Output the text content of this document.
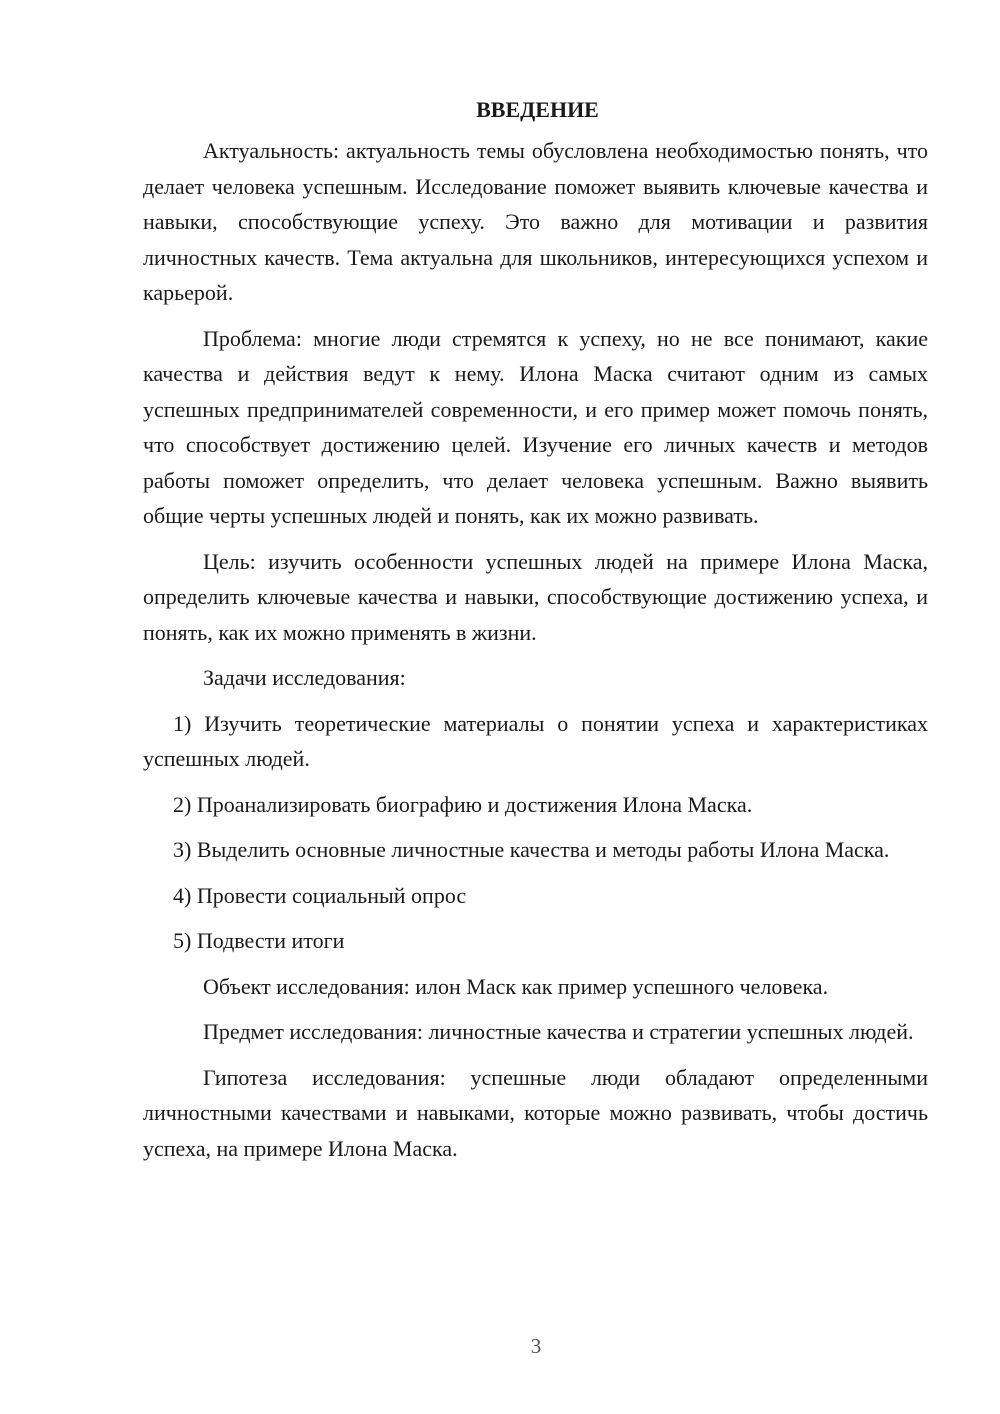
ВВЕДЕНИЕ

Актуальность: актуальность темы обусловлена необходимостью понять, что делает человека успешным. Исследование поможет выявить ключевые качества и навыки, способствующие успеху. Это важно для мотивации и развития личностных качеств. Тема актуальна для школьников, интересующихся успехом и карьерой.

Проблема: многие люди стремятся к успеху, но не все понимают, какие качества и действия ведут к нему. Илона Маска считают одним из самых успешных предпринимателей современности, и его пример может помочь понять, что способствует достижению целей. Изучение его личных качеств и методов работы поможет определить, что делает человека успешным. Важно выявить общие черты успешных людей и понять, как их можно развивать.

Цель: изучить особенности успешных людей на примере Илона Маска, определить ключевые качества и навыки, способствующие достижению успеха, и понять, как их можно применять в жизни.

Задачи исследования:

1) Изучить теоретические материалы о понятии успеха и характеристиках успешных людей.

2) Проанализировать биографию и достижения Илона Маска.

3) Выделить основные личностные качества и методы работы Илона Маска.

4) Провести социальный опрос

5) Подвести итоги

Объект исследования: илон Маск как пример успешного человека.

Предмет исследования: личностные качества и стратегии успешных людей.

Гипотеза исследования: успешные люди обладают определенными личностными качествами и навыками, которые можно развивать, чтобы достичь успеха, на примере Илона Маска.

3
